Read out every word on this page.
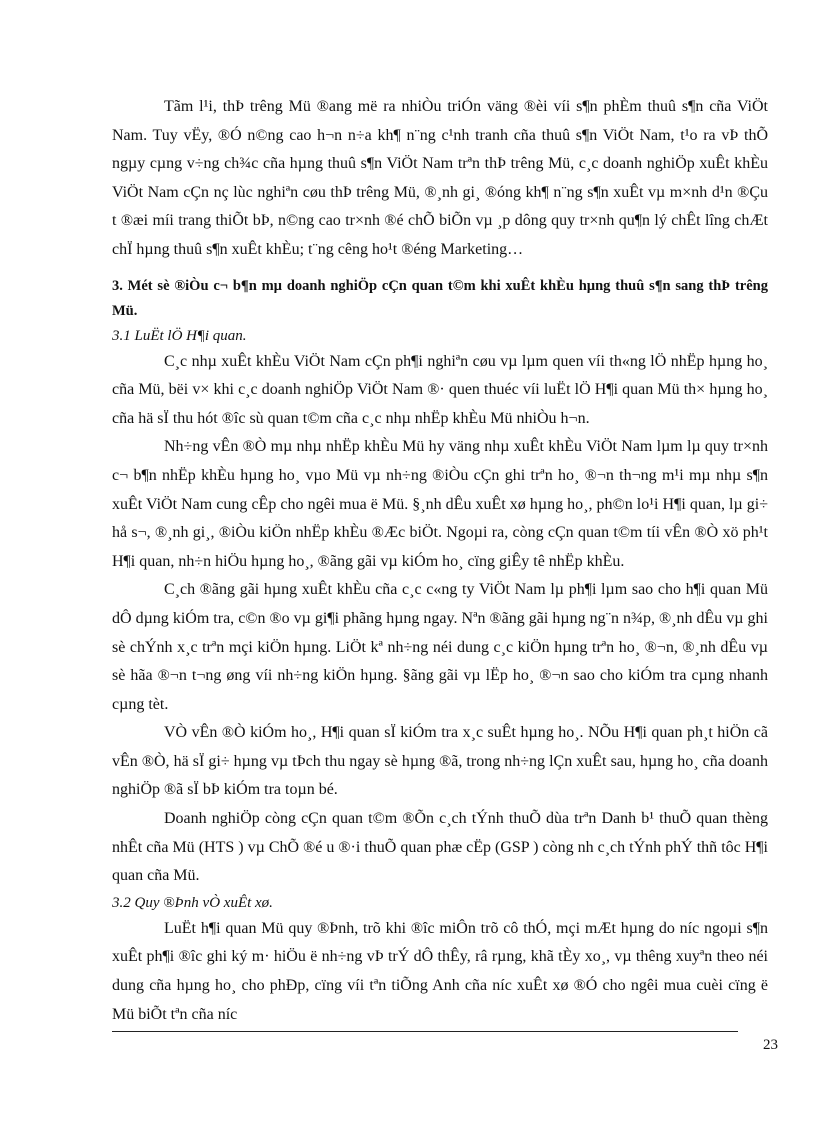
Tãm l¹i, thÞ trêng Mü ®ang më ra nhiÒu triÓn väng ®èi víi s¶n phÈm thuû s¶n cña ViÖt Nam. Tuy vËy, ®Ó n©ng cao h¬n n÷a kh¶ n¨ng c¹nh tranh cña thuû s¶n ViÖt Nam, t¹o ra vÞ thÕ ngµy cµng v÷ng ch¾c cña hµng thuû s¶n ViÖt Nam trªn thÞ trêng Mü, c¸c doanh nghiÖp xuÊt khÈu ViÖt Nam cÇn nç lùc nghiªn cøu thÞ trêng Mü, ®¸nh gi¸ ®óng kh¶ n¨ng s¶n xuÊt vµ m×nh d¹n ®Çu t ®æi míi trang thiÕt bÞ, n©ng cao tr×nh ®é chÕ biÕn vµ ¸p dông quy tr×nh qu¶n lý chÊt lîng chÆt chÏ hµng thuû s¶n xuÊt khÈu; t¨ng cêng ho¹t ®éng Marketing…

3. Mét sè ®iÒu c¬ b¶n mµ doanh nghiÖp cÇn quan t©m khi xuÊt khÈu hµng thuû s¶n sang thÞ trêng Mü.

3.1 LuËt lÖ H¶i quan.

C¸c nhµ xuÊt khÈu ViÖt Nam cÇn ph¶i nghiªn cøu vµ lµm quen víi th«ng lÖ nhËp hµng ho¸ cña Mü, bëi v× khi c¸c doanh nghiÖp ViÖt Nam ®· quen thuéc víi luËt lÖ H¶i quan Mü th× hµng ho¸ cña hä sÏ thu hót ®îc sù quan t©m cña c¸c nhµ nhËp khÈu Mü nhiÒu h¬n.

Nh÷ng vÊn ®Ò mµ nhµ nhËp khÈu Mü hy väng nhµ xuÊt khÈu ViÖt Nam lµm lµ quy tr×nh c¬ b¶n nhËp khÈu hµng ho¸ vµo Mü vµ nh÷ng ®iÒu cÇn ghi trªn ho¸ ®¬n th¬ng m¹i mµ nhµ s¶n xuÊt ViÖt Nam cung cÊp cho ngêi mua ë Mü. §¸nh dÊu xuÊt xø hµng ho¸, ph©n lo¹i H¶i quan, lµ gi÷ hå s¬, ®¸nh gi¸, ®iÒu kiÖn nhËp khÈu ®Æc biÖt. Ngoµi ra, còng cÇn quan t©m tíi vÊn ®Ò xö ph¹t H¶i quan, nh÷n hiÖu hµng ho¸, ®ãng gãi vµ kiÓm ho¸ cïng giÊy tê nhËp khÈu.

C¸ch ®ãng gãi hµng xuÊt khÈu cña c¸c c«ng ty ViÖt Nam lµ ph¶i lµm sao cho h¶i quan Mü dÔ dµng kiÓm tra, c©n ®o vµ gi¶i phãng hµng ngay. Nªn ®ãng gãi hµng ng¨n n¾p, ®¸nh dÊu vµ ghi sè chÝnh x¸c trªn mçi kiÖn hµng. LiÖt kª nh÷ng néi dung c¸c kiÖn hµng trªn ho¸ ®¬n, ®¸nh dÊu vµ sè hãa ®¬n t¬ng øng víi nh÷ng kiÖn hµng. §ãng gãi vµ lËp ho¸ ®¬n sao cho kiÓm tra cµng nhanh cµng tèt.

VÒ vÊn ®Ò kiÓm ho¸, H¶i quan sÏ kiÓm tra x¸c suÊt hµng ho¸. NÕu H¶i quan ph¸t hiÖn cã vÊn ®Ò, hä sÏ gi÷ hµng vµ tÞch thu ngay sè hµng ®ã, trong nh÷ng lÇn xuÊt sau, hµng ho¸ cña doanh nghiÖp ®ã sÏ bÞ kiÓm tra toµn bé.

Doanh nghiÖp còng cÇn quan t©m ®Õn c¸ch tÝnh thuÕ dùa trªn Danh b¹ thuÕ quan thèng nhÊt cña Mü (HTS ) vµ ChÕ ®é u ®·i thuÕ quan phæ cËp (GSP ) còng nh c¸ch tÝnh phÝ thñ tôc H¶i quan cña Mü.

3.2 Quy ®Þnh vÒ xuÊt xø.

LuËt h¶i quan Mü quy ®Þnh, trõ khi ®îc miÔn trõ cô thÓ, mçi mÆt hµng do níc ngoµi s¶n xuÊt ph¶i ®îc ghi ký m· hiÖu ë nh÷ng vÞ trÝ dÔ thÊy, râ rµng, khã tÈy xo¸, vµ thêng xuyªn theo néi dung cña hµng ho¸ cho phÐp, cïng víi tªn tiÕng Anh cña níc xuÊt xø ®Ó cho ngêi mua cuèi cïng ë Mü biÕt tªn cña níc

23
